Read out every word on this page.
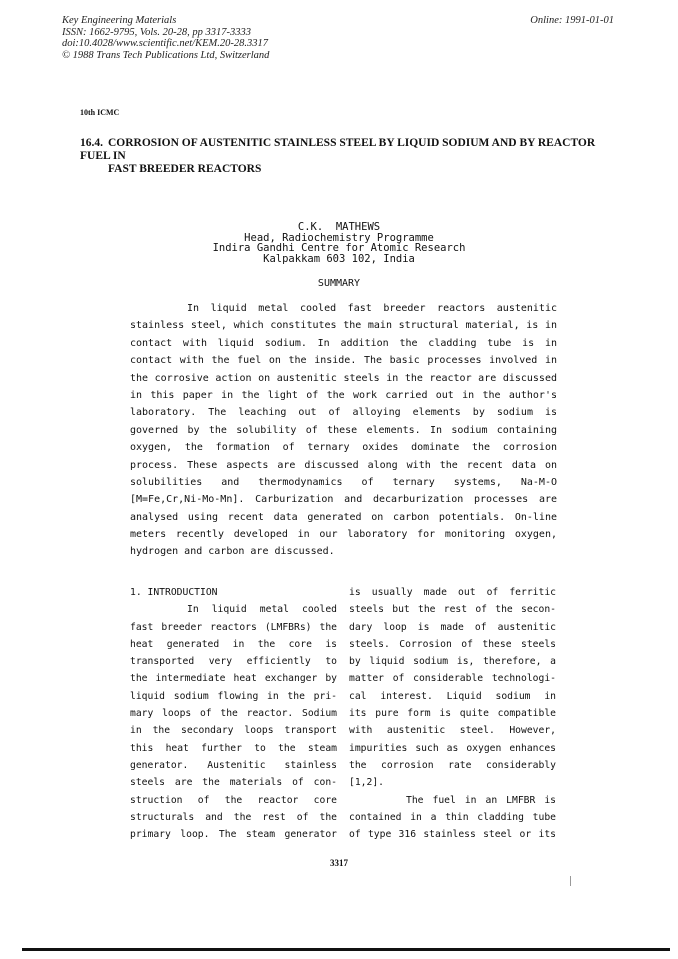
Key Engineering Materials
ISSN: 1662-9795, Vols. 20-28, pp 3317-3333
doi:10.4028/www.scientific.net/KEM.20-28.3317
© 1988 Trans Tech Publications Ltd, Switzerland
Online: 1991-01-01
10th ICMC
16.4. CORROSION OF AUSTENITIC STAINLESS STEEL BY LIQUID SODIUM AND BY REACTOR FUEL IN
FAST BREEDER REACTORS
C.K.  MATHEWS
Head, Radiochemistry Programme
Indira Gandhi Centre for Atomic Research
Kalpakkam 603 102, India
SUMMARY
In liquid metal cooled fast breeder reactors austenitic
stainless steel, which constitutes the main structural material, is in
contact with liquid sodium. In addition the cladding tube is in
contact with the fuel on the inside. The basic processes involved in
the corrosive action on austenitic steels in the reactor are discussed
in this paper in the light of the work carried out in the author's
laboratory. The leaching out of alloying elements by sodium is
governed by the solubility of these elements. In sodium containing
oxygen, the formation of ternary oxides dominate the corrosion
process. These aspects are discussed along with the recent data on
solubilities and thermodynamics of ternary systems, Na-M-O
[M=Fe,Cr,Ni-Mo-Mn]. Carburization and decarburization processes are
analysed using recent data generated on carbon potentials. On-line
meters recently developed in our laboratory for monitoring oxygen,
hydrogen and carbon are discussed.
1. INTRODUCTION
In liquid metal cooled
fast breeder reactors (LMFBRs) the
heat generated in the core is
transported very efficiently to
the intermediate heat exchanger by
liquid sodium flowing in the pri-
mary loops of the reactor. Sodium
in the secondary loops transport
this heat further to the steam
generator. Austenitic stainless
steels are the materials of con-
struction of the reactor core
structurals and the rest of the
primary loop. The steam generator
is usually made out of ferritic
steels but the rest of the secon-
dary loop is made of austenitic
steels. Corrosion of these steels
by liquid sodium is, therefore, a
matter of considerable technologi-
cal interest. Liquid sodium in
its pure form is quite compatible
with austenitic steel. However,
impurities such as oxygen enhances
the corrosion rate considerably
[1,2].
The fuel in an LMFBR is
contained in a thin cladding tube
of type 316 stainless steel or its
3317
